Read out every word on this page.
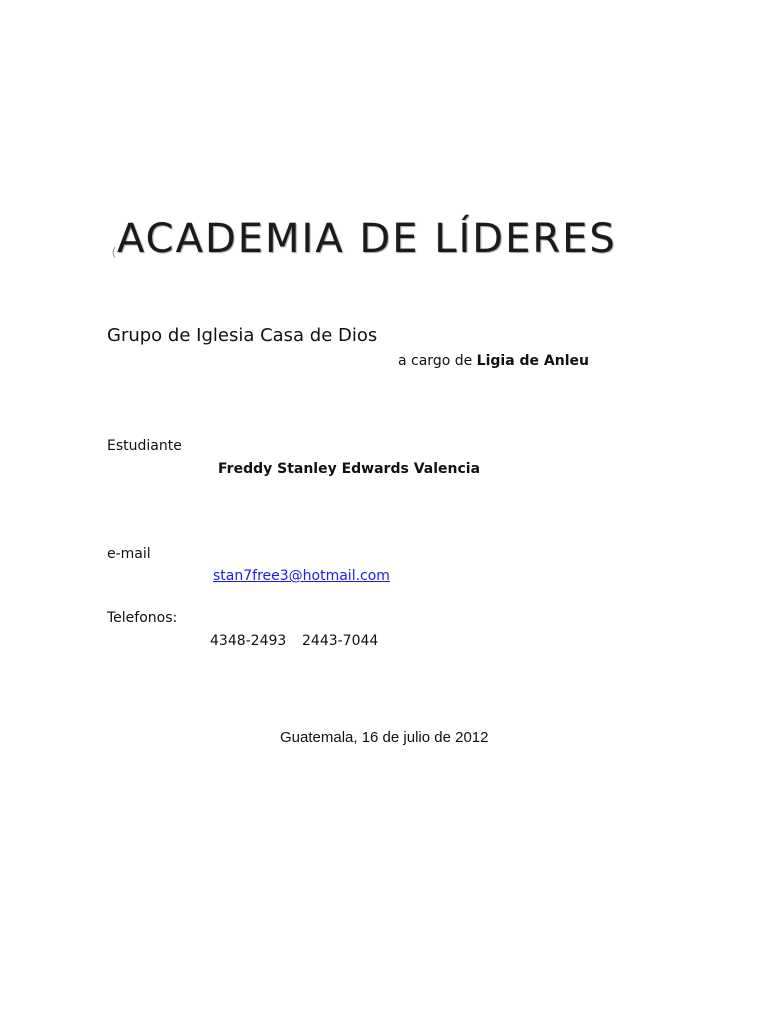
( ACADEMIA DE LÍDERES
Grupo de Iglesia Casa de Dios
a cargo de Ligia de Anleu
Estudiante
Freddy Stanley Edwards Valencia
e-mail
stan7free3@hotmail.com
Telefonos:
4348-2493 2443-7044
Guatemala, 16 de julio de 2012
